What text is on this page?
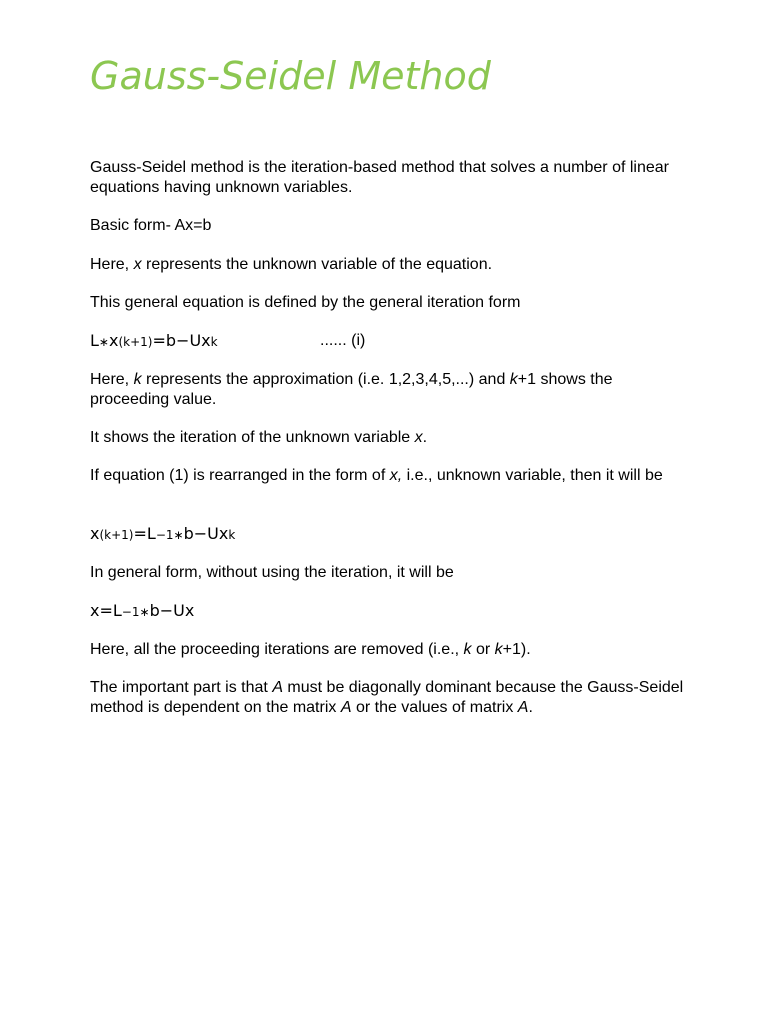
Gauss-Seidel Method

Gauss-Seidel method is the iteration-based method that solves a number of linear equations having unknown variables.

Basic form- Ax=b

Here, x represents the unknown variable of the equation.

This general equation is defined by the general iteration form

L∗x(k+1)=b−Uxk	...... (i)

Here, k represents the approximation (i.e. 1,2,3,4,5,...) and k+1 shows the proceeding value.

It shows the iteration of the unknown variable x.

If equation (1) is rearranged in the form of x, i.e., unknown variable, then it will be

x(k+1)=L−1∗b−Uxk

In general form, without using the iteration, it will be

x=L−1∗b−Ux

Here, all the proceeding iterations are removed (i.e., k or k+1).

The important part is that A must be diagonally dominant because the Gauss-Seidel method is dependent on the matrix A or the values of matrix A.
